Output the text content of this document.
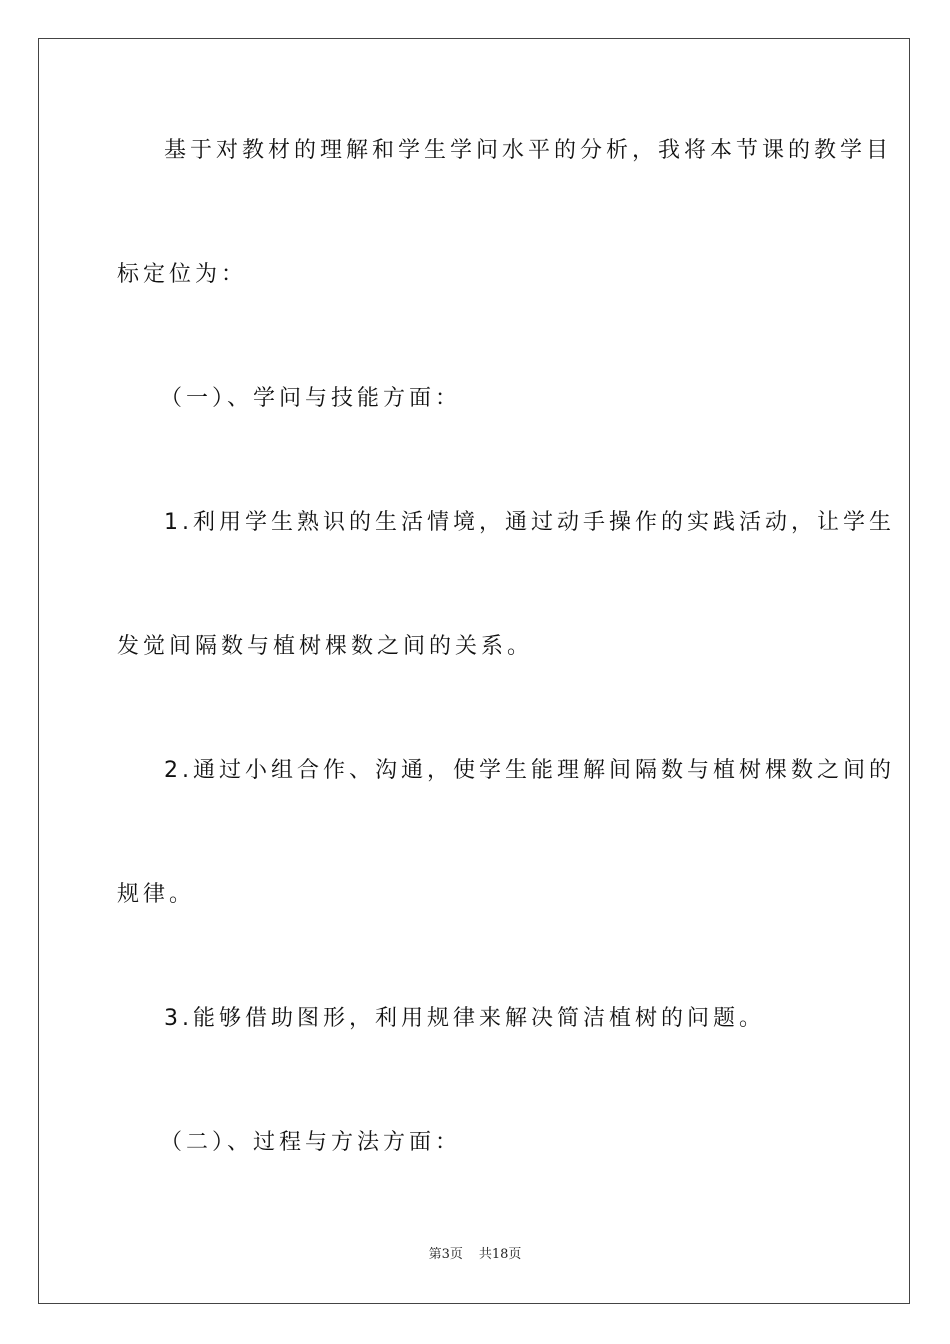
基于对教材的理解和学生学问水平的分析，我将本节课的教学目
标定位为：
（一）、学问与技能方面：
1.利用学生熟识的生活情境，通过动手操作的实践活动，让学生
发觉间隔数与植树棵数之间的关系。
2.通过小组合作、沟通，使学生能理解间隔数与植树棵数之间的
规律。
3.能够借助图形，利用规律来解决简洁植树的问题。
（二）、过程与方法方面：
第3页 共18页
